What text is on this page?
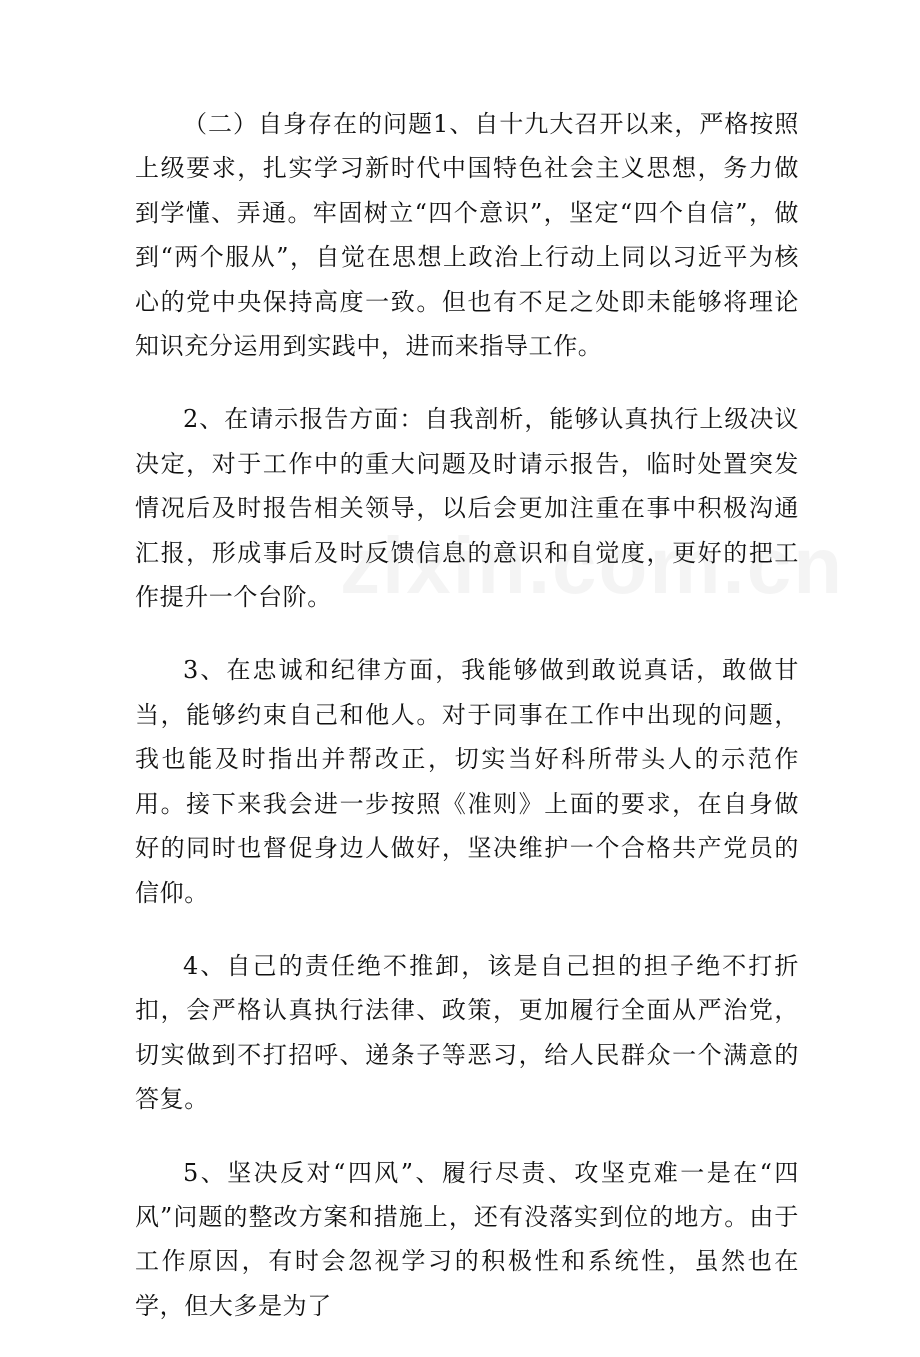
（二）自身存在的问题1、自十九大召开以来，严格按照上级要求，扎实学习新时代中国特色社会主义思想，务力做到学懂、弄通。牢固树立“四个意识”，坚定“四个自信”，做到“两个服从”，自觉在思想上政治上行动上同以习近平为核心的党中央保持高度一致。但也有不足之处即未能够将理论知识充分运用到实践中，进而来指导工作。

2、在请示报告方面：自我剖析，能够认真执行上级决议决定，对于工作中的重大问题及时请示报告，临时处置突发情况后及时报告相关领导，以后会更加注重在事中积极沟通汇报，形成事后及时反馈信息的意识和自觉度，更好的把工作提升一个台阶。

3、在忠诚和纪律方面，我能够做到敢说真话，敢做甘当，能够约束自己和他人。对于同事在工作中出现的问题，我也能及时指出并帮改正，切实当好科所带头人的示范作用。接下来我会进一步按照《准则》上面的要求，在自身做好的同时也督促身边人做好，坚决维护一个合格共产党员的信仰。

4、自己的责任绝不推卸，该是自己担的担子绝不打折扣，会严格认真执行法律、政策，更加履行全面从严治党，切实做到不打招呼、递条子等恶习，给人民群众一个满意的答复。

5、坚决反对“四风”、履行尽责、攻坚克难一是在“四风”问题的整改方案和措施上，还有没落实到位的地方。由于工作原因，有时会忽视学习的积极性和系统性，虽然也在学，但大多是为了
